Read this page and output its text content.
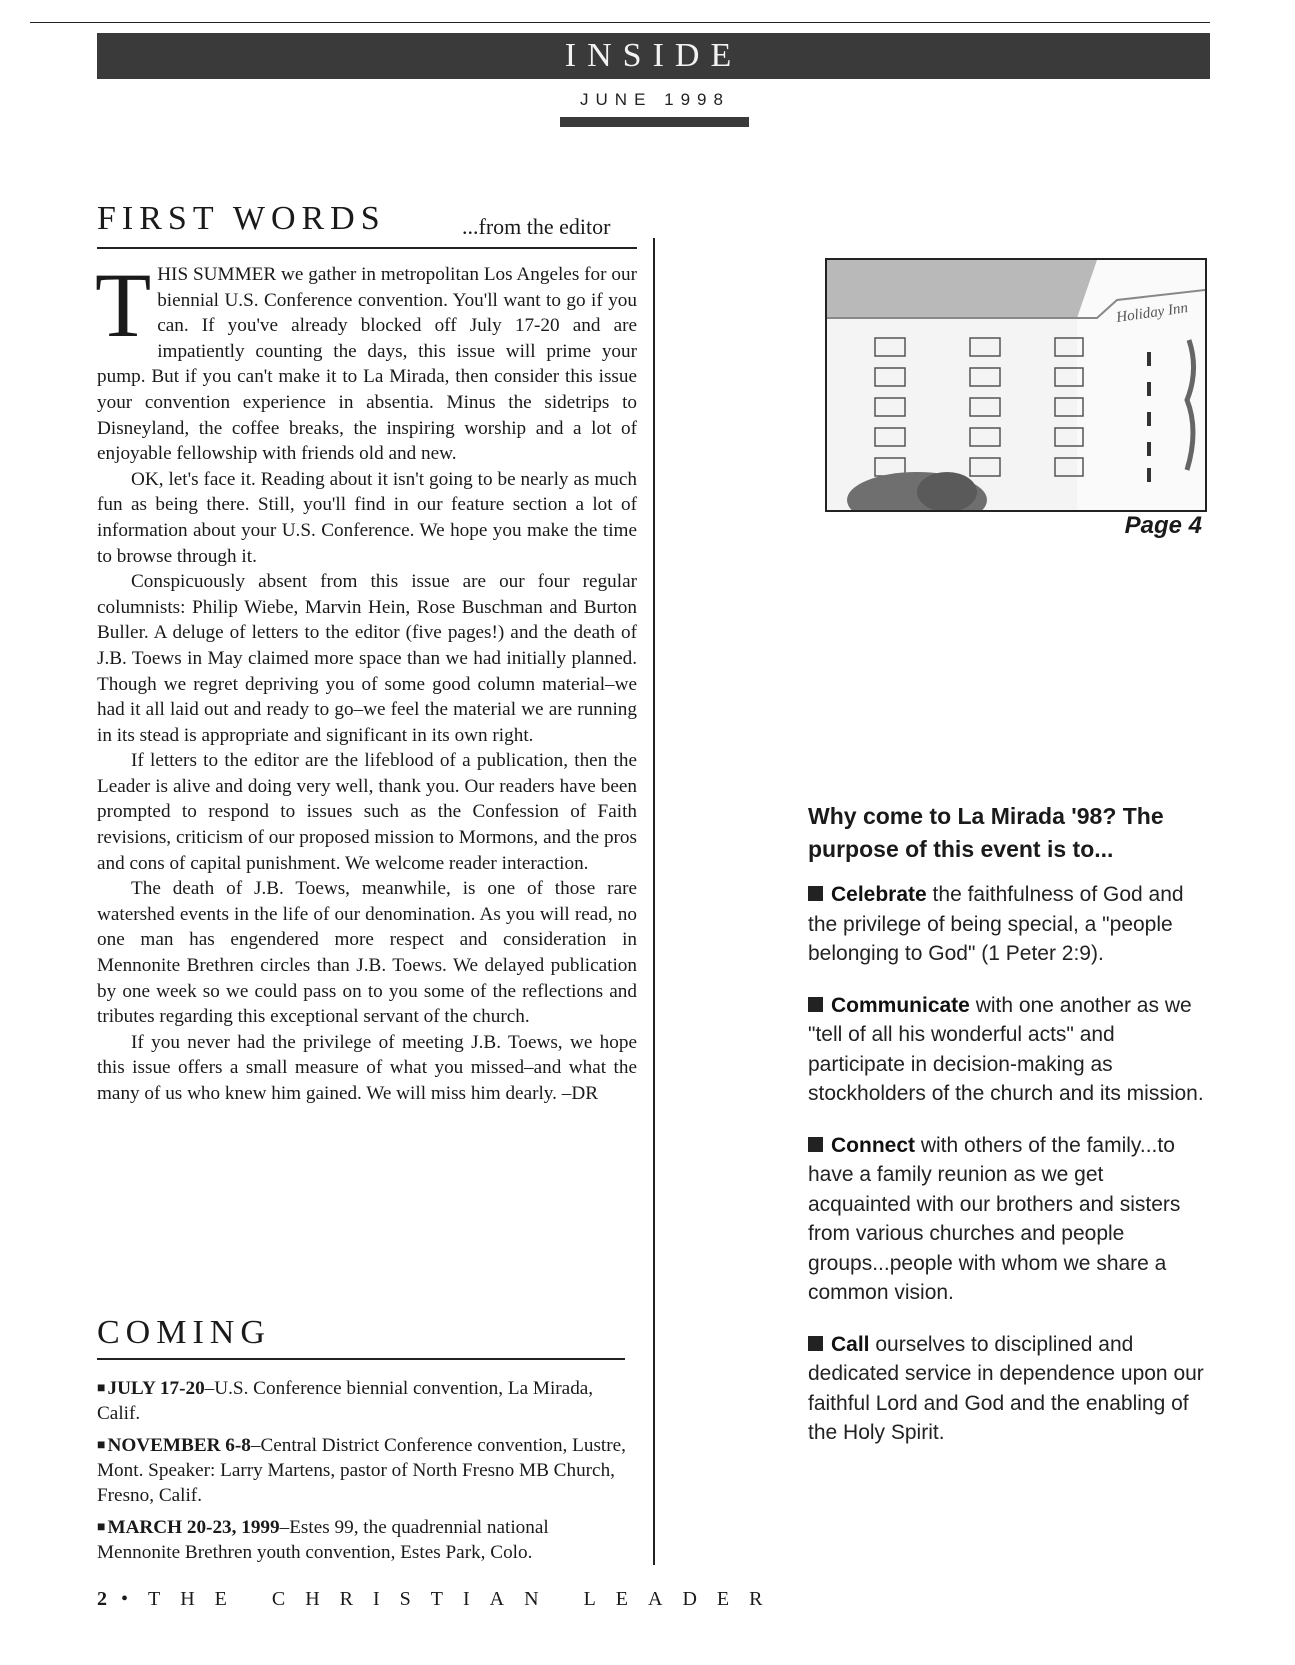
INSIDE
JUNE 1998
FIRST WORDS	...from the editor

THIS SUMMER we gather in metropolitan Los Angeles for our biennial U.S. Conference convention. You'll want to go if you can. If you've already blocked off July 17-20 and are impatiently counting the days, this issue will prime your pump. But if you can't make it to La Mirada, then consider this issue your convention experience in absentia. Minus the sidetrips to Disneyland, the coffee breaks, the inspiring worship and a lot of enjoyable fellowship with friends old and new.

OK, let's face it. Reading about it isn't going to be nearly as much fun as being there. Still, you'll find in our feature section a lot of information about your U.S. Conference. We hope you make the time to browse through it.

Conspicuously absent from this issue are our four regular columnists: Philip Wiebe, Marvin Hein, Rose Buschman and Burton Buller. A deluge of letters to the editor (five pages!) and the death of J.B. Toews in May claimed more space than we had initially planned. Though we regret depriving you of some good column material–we had it all laid out and ready to go–we feel the material we are running in its stead is appropriate and significant in its own right.

If letters to the editor are the lifeblood of a publication, then the Leader is alive and doing very well, thank you. Our readers have been prompted to respond to issues such as the Confession of Faith revisions, criticism of our proposed mission to Mormons, and the pros and cons of capital punishment. We welcome reader interaction.

The death of J.B. Toews, meanwhile, is one of those rare watershed events in the life of our denomination. As you will read, no one man has engendered more respect and consideration in Mennonite Brethren circles than J.B. Toews. We delayed publication by one week so we could pass on to you some of the reflections and tributes regarding this exceptional servant of the church.

If you never had the privilege of meeting J.B. Toews, we hope this issue offers a small measure of what you missed–and what the many of us who knew him gained. We will miss him dearly. –DR

COMING
■ JULY 17-20–U.S. Conference biennial convention, La Mirada, Calif.
■ NOVEMBER 6-8–Central District Conference convention, Lustre, Mont. Speaker: Larry Martens, pastor of North Fresno MB Church, Fresno, Calif.
■ MARCH 20-23, 1999–Estes 99, the quadrennial national Mennonite Brethren youth convention, Estes Park, Colo.
Holiday Inn
Page 4
Why come to La Mirada '98? The purpose of this event is to...
Celebrate the faithfulness of God and the privilege of being special, a "people belonging to God" (1 Peter 2:9).
Communicate with one another as we "tell of all his wonderful acts" and participate in decision-making as stockholders of the church and its mission.
Connect with others of the family...to have a family reunion as we get acquainted with our brothers and sisters from various churches and people groups...people with whom we share a common vision.
Call ourselves to disciplined and dedicated service in dependence upon our faithful Lord and God and the enabling of the Holy Spirit.
2 • THE CHRISTIAN LEADER
